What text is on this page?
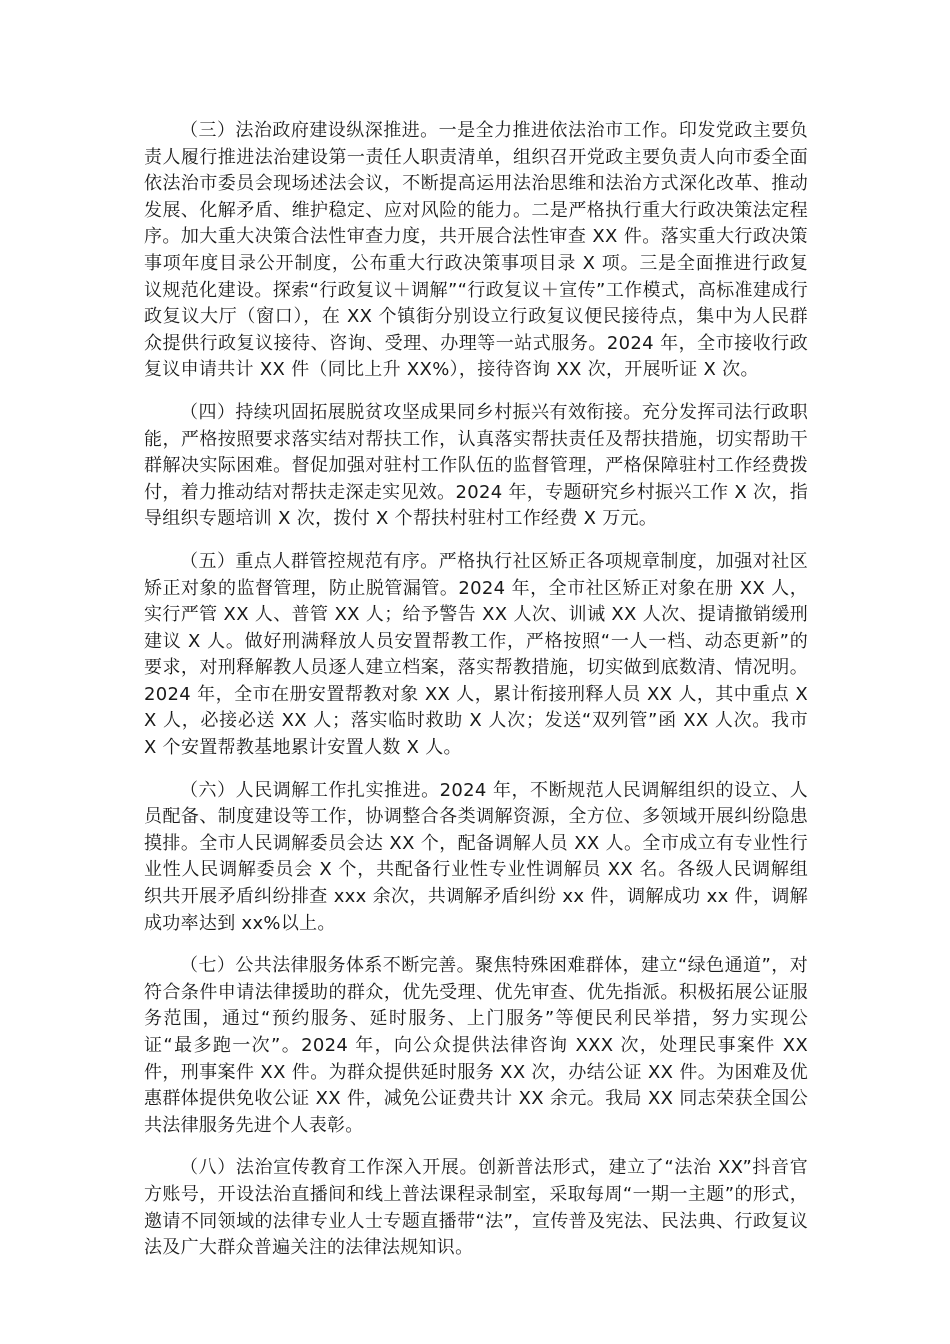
（三）法治政府建设纵深推进。一是全力推进依法治市工作。印发党政主要负责人履行推进法治建设第一责任人职责清单，组织召开党政主要负责人向市委全面依法治市委员会现场述法会议，不断提高运用法治思维和法治方式深化改革、推动发展、化解矛盾、维护稳定、应对风险的能力。二是严格执行重大行政决策法定程序。加大重大决策合法性审查力度，共开展合法性审查 XX 件。落实重大行政决策事项年度目录公开制度，公布重大行政决策事项目录 X 项。三是全面推进行政复议规范化建设。探索“行政复议＋调解”“行政复议＋宣传”工作模式，高标准建成行政复议大厅（窗口），在 XX 个镇街分别设立行政复议便民接待点，集中为人民群众提供行政复议接待、咨询、受理、办理等一站式服务。2024 年，全市接收行政复议申请共计 XX 件（同比上升 XX%），接待咨询 XX 次，开展听证 X 次。

（四）持续巩固拓展脱贫攻坚成果同乡村振兴有效衔接。充分发挥司法行政职能，严格按照要求落实结对帮扶工作，认真落实帮扶责任及帮扶措施，切实帮助干群解决实际困难。督促加强对驻村工作队伍的监督管理，严格保障驻村工作经费拨付，着力推动结对帮扶走深走实见效。2024 年，专题研究乡村振兴工作 X 次，指导组织专题培训 X 次，拨付 X 个帮扶村驻村工作经费 X 万元。

（五）重点人群管控规范有序。严格执行社区矫正各项规章制度，加强对社区矫正对象的监督管理，防止脱管漏管。2024 年，全市社区矫正对象在册 XX 人，实行严管 XX 人、普管 XX 人；给予警告 XX 人次、训诫 XX 人次、提请撤销缓刑建议 X 人。做好刑满释放人员安置帮教工作，严格按照“一人一档、动态更新”的要求，对刑释解教人员逐人建立档案，落实帮教措施，切实做到底数清、情况明。2024 年，全市在册安置帮教对象 XX 人，累计衔接刑释人员 XX 人，其中重点 XX 人，必接必送 XX 人；落实临时救助 X 人次；发送“双列管”函 XX 人次。我市 X 个安置帮教基地累计安置人数 X 人。

（六）人民调解工作扎实推进。2024 年，不断规范人民调解组织的设立、人员配备、制度建设等工作，协调整合各类调解资源，全方位、多领域开展纠纷隐患摸排。全市人民调解委员会达 XX 个，配备调解人员 XX 人。全市成立有专业性行业性人民调解委员会 X 个，共配备行业性专业性调解员 XX 名。各级人民调解组织共开展矛盾纠纷排查 xxx 余次，共调解矛盾纠纷 xx 件，调解成功 xx 件，调解成功率达到 xx%以上。

（七）公共法律服务体系不断完善。聚焦特殊困难群体，建立“绿色通道”，对符合条件申请法律援助的群众，优先受理、优先审查、优先指派。积极拓展公证服务范围，通过“预约服务、延时服务、上门服务”等便民利民举措，努力实现公证“最多跑一次”。2024 年，向公众提供法律咨询 XXX 次，处理民事案件 XX 件，刑事案件 XX 件。为群众提供延时服务 XX 次，办结公证 XX 件。为困难及优惠群体提供免收公证 XX 件，减免公证费共计 XX 余元。我局 XX 同志荣获全国公共法律服务先进个人表彰。

（八）法治宣传教育工作深入开展。创新普法形式，建立了“法治 XX”抖音官方账号，开设法治直播间和线上普法课程录制室，采取每周“一期一主题”的形式，邀请不同领域的法律专业人士专题直播带“法”，宣传普及宪法、民法典、行政复议法及广大群众普遍关注的法律法规知识。
